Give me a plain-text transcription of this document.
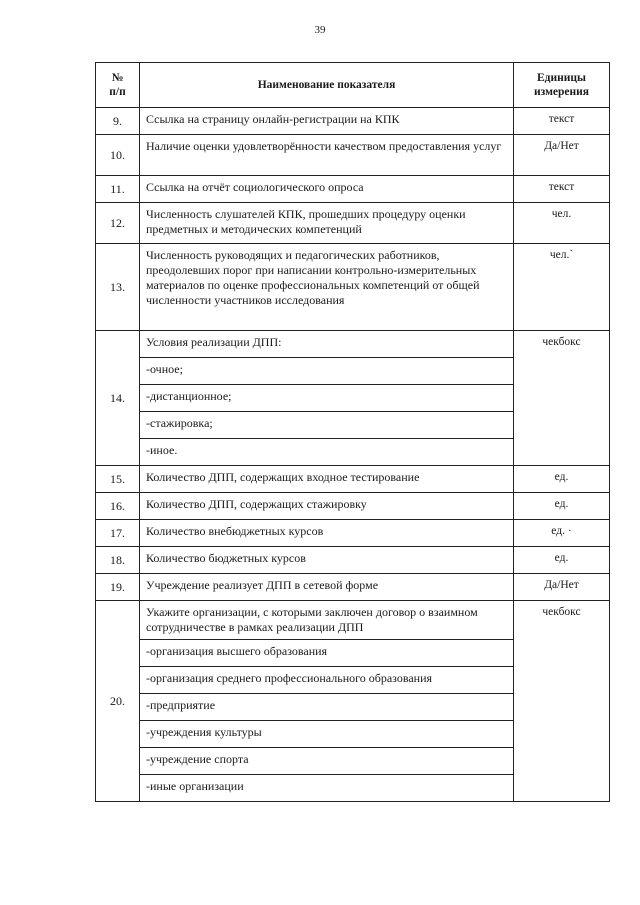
39
№
п/п	Наименование показателя	Единицы
измерения
9.	Ссылка на страницу онлайн-регистрации на КПК	текст
10.	Наличие оценки удовлетворённости качеством предоставления услуг	Да/Нет
11.	Ссылка на отчёт социологического опроса	текст
12.	Численность слушателей КПК, прошедших процедуру оценки предметных и методических компетенций	чел.
13.	Численность руководящих и педагогических работников, преодолевших порог при написании контрольно-измерительных материалов по оценке профессиональных компетенций от общей численности участников исследования	чел.`
14.	Условия реализации ДПП:	чекбокс
	-очное;	
	-дистанционное;	
	-стажировка;	
	-иное.	
15.	Количество ДПП, содержащих входное тестирование	ед.
16.	Количество ДПП, содержащих стажировку	ед.
17.	Количество внебюджетных курсов	ед. ·
18.	Количество бюджетных курсов	ед.
19.	Учреждение реализует ДПП в сетевой форме	Да/Нет
20.	Укажите организации, с которыми заключен договор о взаимном сотрудничестве в рамках реализации ДПП	чекбокс
	-организация высшего образования	
	-организация среднего профессионального образования	
	-предприятие	
	-учреждения культуры	
	-учреждение спорта	
	-иные организации	
